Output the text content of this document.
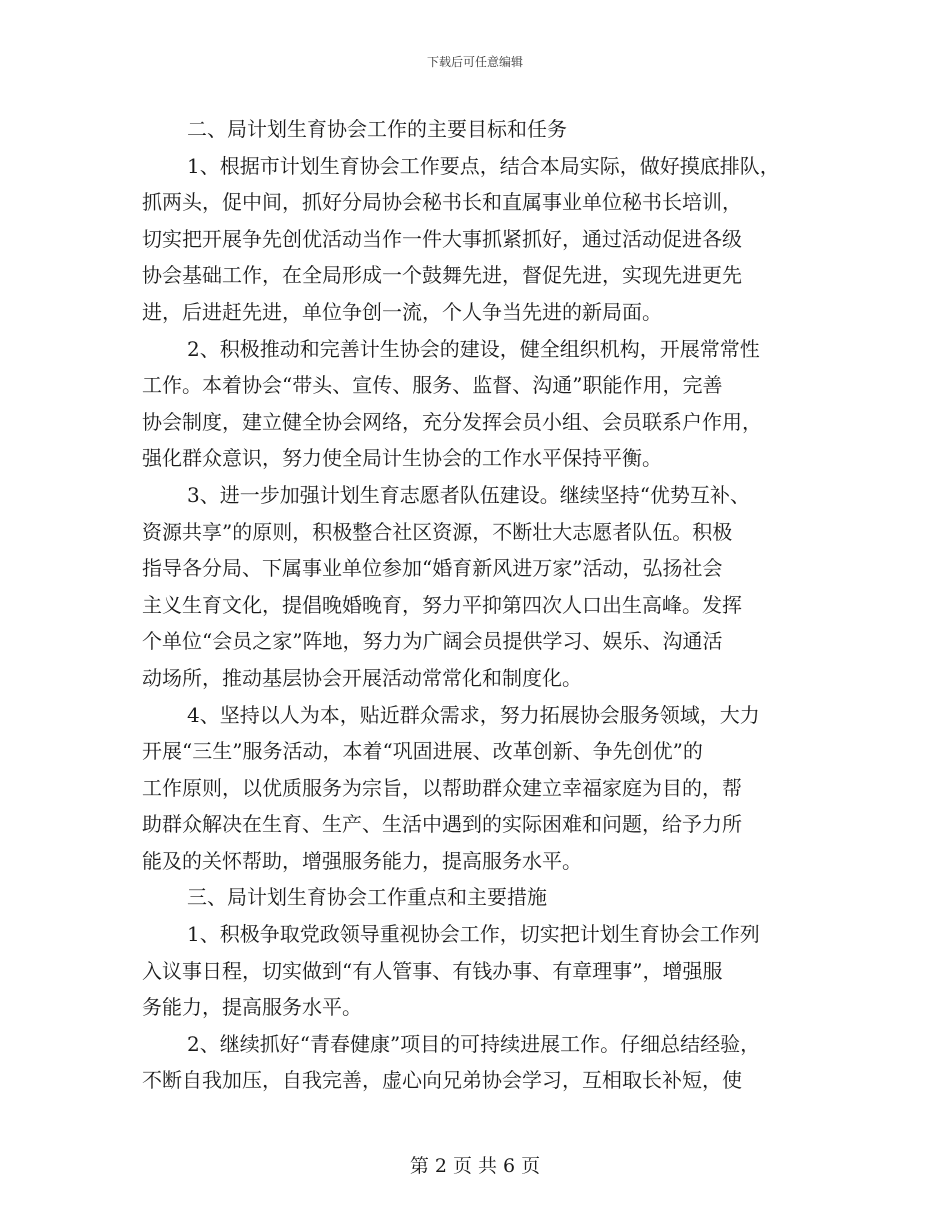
下载后可任意编辑
二、局计划生育协会工作的主要目标和任务
1、根据市计划生育协会工作要点，结合本局实际，做好摸底排队，
抓两头，促中间，抓好分局协会秘书长和直属事业单位秘书长培训，
切实把开展争先创优活动当作一件大事抓紧抓好，通过活动促进各级
协会基础工作，在全局形成一个鼓舞先进，督促先进，实现先进更先
进，后进赶先进，单位争创一流，个人争当先进的新局面。
2、积极推动和完善计生协会的建设，健全组织机构，开展常常性
工作。本着协会“带头、宣传、服务、监督、沟通”职能作用，完善
协会制度，建立健全协会网络，充分发挥会员小组、会员联系户作用，
强化群众意识，努力使全局计生协会的工作水平保持平衡。
3、进一步加强计划生育志愿者队伍建设。继续坚持“优势互补、
资源共享”的原则，积极整合社区资源，不断壮大志愿者队伍。积极
指导各分局、下属事业单位参加“婚育新风进万家”活动，弘扬社会
主义生育文化，提倡晚婚晚育，努力平抑第四次人口出生高峰。发挥
个单位“会员之家”阵地，努力为广阔会员提供学习、娱乐、沟通活
动场所，推动基层协会开展活动常常化和制度化。
4、坚持以人为本，贴近群众需求，努力拓展协会服务领域，大力
开展“三生”服务活动，本着“巩固进展、改革创新、争先创优”的
工作原则，以优质服务为宗旨，以帮助群众建立幸福家庭为目的，帮
助群众解决在生育、生产、生活中遇到的实际困难和问题，给予力所
能及的关怀帮助，增强服务能力，提高服务水平。
三、局计划生育协会工作重点和主要措施
1、积极争取党政领导重视协会工作，切实把计划生育协会工作列
入议事日程，切实做到“有人管事、有钱办事、有章理事”，增强服
务能力，提高服务水平。
2、继续抓好“青春健康”项目的可持续进展工作。仔细总结经验，
不断自我加压，自我完善，虚心向兄弟协会学习，互相取长补短，使
第 2 页 共 6 页
